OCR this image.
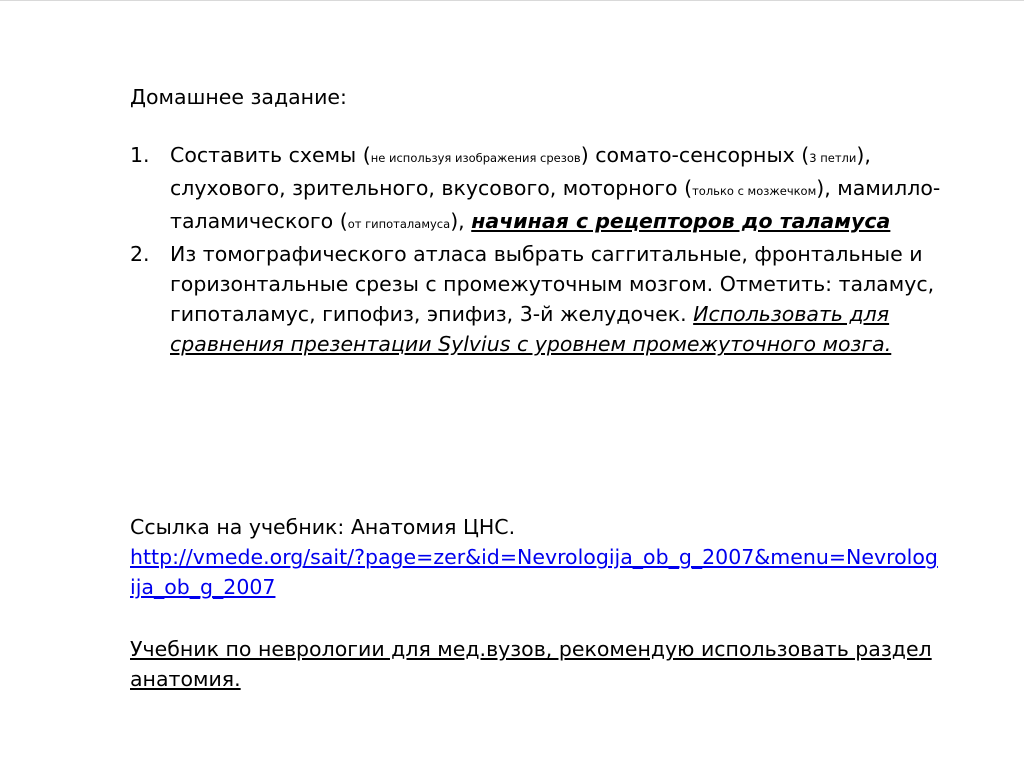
Домашнее задание:

1. Составить схемы (не используя изображения срезов) сомато-сенсорных (3 петли), слухового, зрительного, вкусового, моторного (только с мозжечком), мамилло-таламического (от гипоталамуса), начиная с рецепторов до таламуса
2. Из томографического атласа выбрать саггитальные, фронтальные и горизонтальные срезы с промежуточным мозгом. Отметить: таламус, гипоталамус, гипофиз, эпифиз, 3-й желудочек. Использовать для сравнения презентации Sylvius с уровнем промежуточного мозга.
Ссылка на учебник: Анатомия ЦНС.
http://vmede.org/sait/?page=zer&id=Nevrologija_ob_g_2007&menu=Nevrologija_ob_g_2007
Учебник по неврологии для мед.вузов, рекомендую использовать раздел анатомия.
